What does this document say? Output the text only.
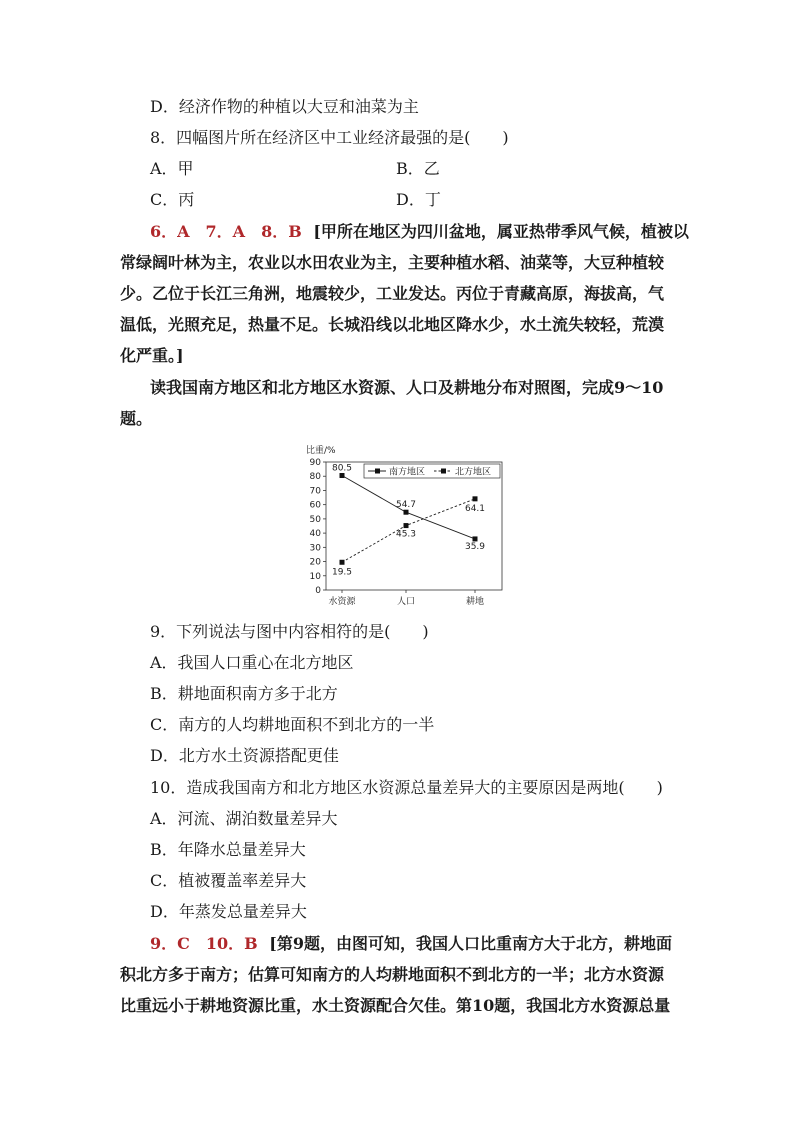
D．经济作物的种植以大豆和油菜为主
8．四幅图片所在经济区中工业经济最强的是(　　)
A．甲	B．乙
C．丙	D．丁
6．A　7．A　8．B [甲所在地区为四川盆地，属亚热带季风气候，植被以
常绿阔叶林为主，农业以水田农业为主，主要种植水稻、油菜等，大豆种植较
少。乙位于长江三角洲，地震较少，工业发达。丙位于青藏高原，海拔高，气
温低，光照充足，热量不足。长城沿线以北地区降水少，水土流失较轻，荒漠
化严重。]
读我国南方地区和北方地区水资源、人口及耕地分布对照图，完成9～10
题。
比重/%
0
10
20
30
40
50
60
70
80
90
80.5
54.7
35.9
19.5
45.3
64.1
南方地区	北方地区
水资源	人口	耕地
9．下列说法与图中内容相符的是(　　)
A．我国人口重心在北方地区
B．耕地面积南方多于北方
C．南方的人均耕地面积不到北方的一半
D．北方水土资源搭配更佳
10．造成我国南方和北方地区水资源总量差异大的主要原因是两地(　　)
A．河流、湖泊数量差异大
B．年降水总量差异大
C．植被覆盖率差异大
D．年蒸发总量差异大
9．C　10．B [第9题，由图可知，我国人口比重南方大于北方，耕地面
积北方多于南方；估算可知南方的人均耕地面积不到北方的一半；北方水资源
比重远小于耕地资源比重，水土资源配合欠佳。第10题，我国北方水资源总量
